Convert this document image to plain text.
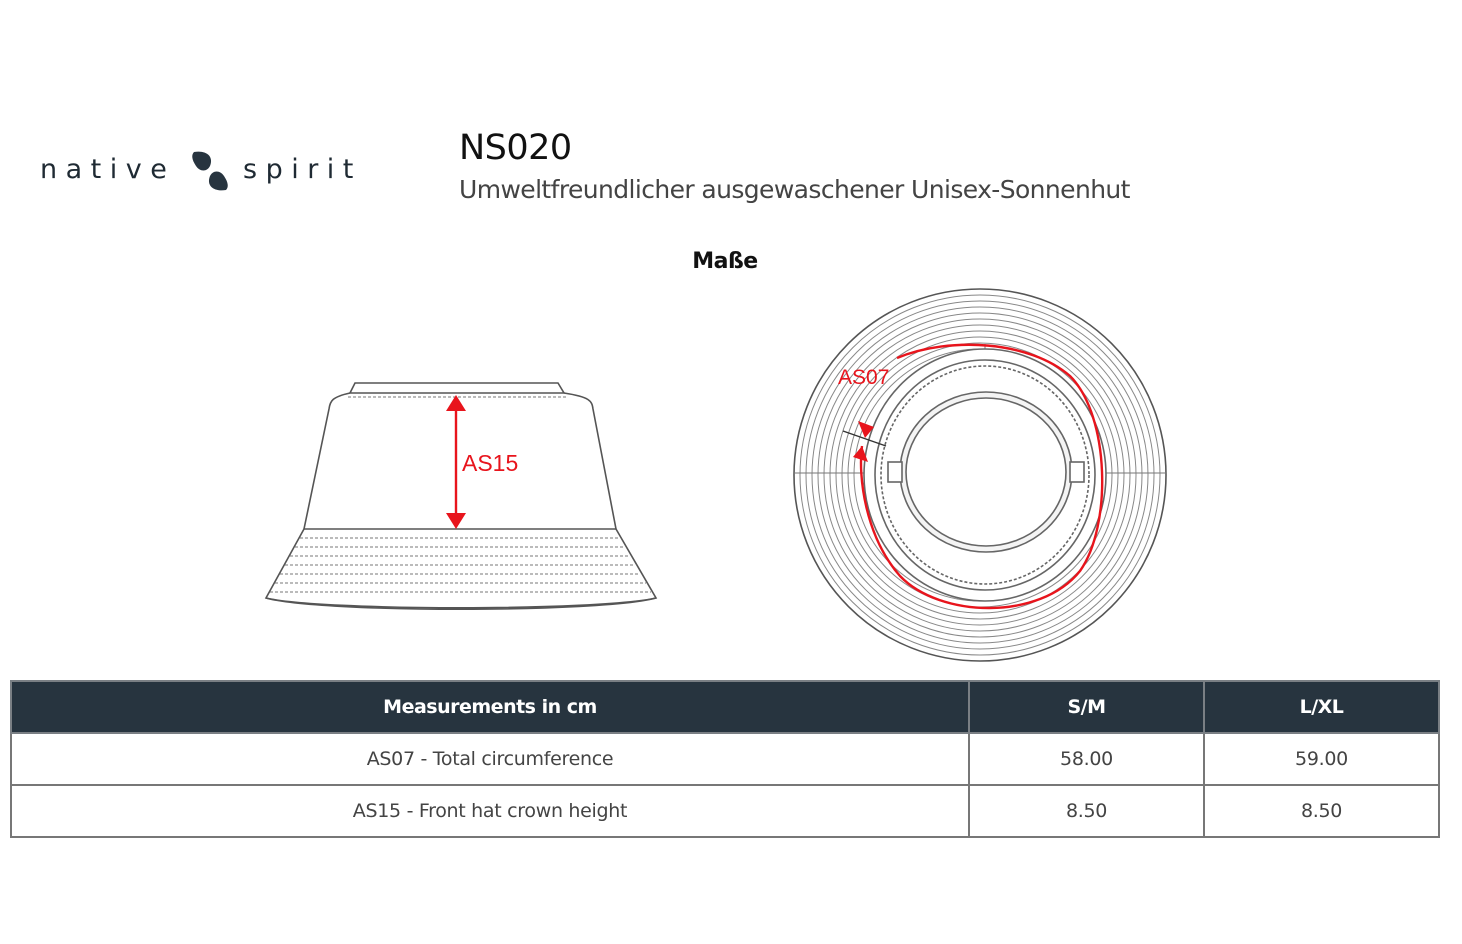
native	spirit
NS020
Umweltfreundlicher ausgewaschener Unisex-Sonnenhut
Maße
AS15
AS07
Measurements in cm	S/M	L/XL
AS07 - Total circumference	58.00	59.00
AS15 - Front hat crown height	8.50	8.50
